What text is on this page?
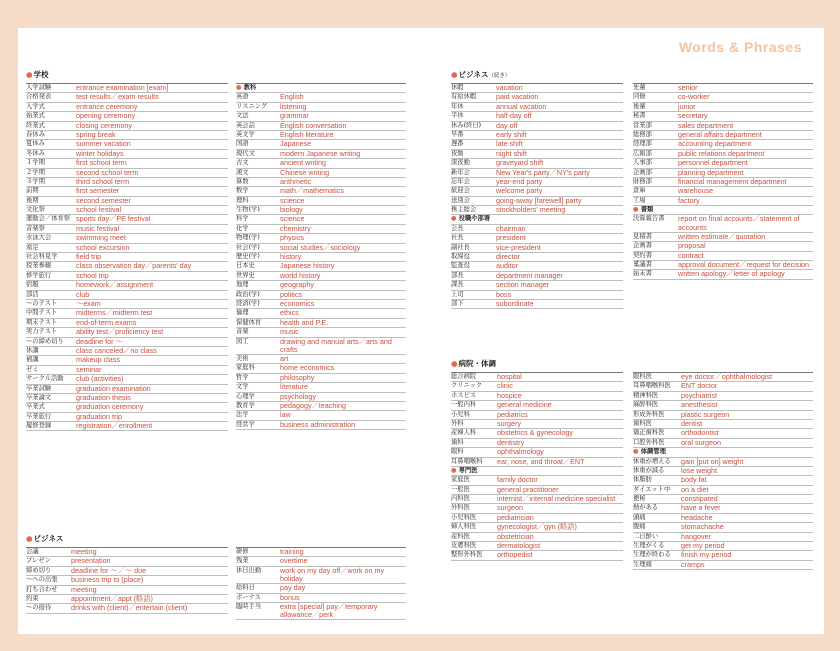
Words & Phrases
●学校
入学試験	entrance examination [exam]
合格発表	test results／exam results
入学式	entrance ceremony
始業式	opening ceremony
終業式	closing ceremony
春休み	spring break
夏休み	summer vacation
冬休み	winter holidays
１学期	first school term
２学期	second school term
３学期	third school term
前期	first semester
後期	second semester
文化祭	school festival
運動会／体育祭 sports day／PE festival
音楽祭	music festival
水泳大会	swimming meet
遠足	school excursion
社会科見学	field trip
授業参観	class observation day／parents' day
修学旅行	school trip
宿題	homework／assignment
部活	club
〜のテスト	〜exam
中間テスト	midterms／midterm test
期末テスト	end-of-term exams
実力テスト	ability test／proficiency test
〜の締め切り	deadline for 〜
休講	class canceled／no class
補講	makeup class
ゼミ	seminar
サークル活動	club (activities)
卒業試験	graduation examination
卒業論文	graduation thesis
卒業式	graduation ceremony
卒業旅行	graduation trip
履修登録	registration／enrollment
● 教科
英語	English
リスニング	listening
文法	grammar
英会話	English conversation
英文学	English literature
国語	Japanese
現代文	modern Japanese writing
古文	ancient writing
漢文	Chinese writing
算数	arithmetic
数学	math／mathematics
理科	science
生物(学)	biology
科学	science
化学	chemistry
物理(学)	physics
社会(学)	social studies／sociology
歴史(学)	history
日本史	Japanese history
世界史	world history
地理	geography
政治(学)	politics
経済(学)	economics
倫理	ethics
保健体育	health and P.E.
音楽	music
図工	drawing and manual arts／arts and crafts
美術	art
家庭科	home economics
哲学	philosophy
文学	literature
心理学	psychology
教育学	pedagogy／teaching
法学	law
経営学	business administration
●ビジネス
会議	meeting
プレゼン	presentation
締め切り	deadline for 〜／〜 due
〜への出張	business trip to (place)
打ち合わせ	meeting
約束	appointment／appt (略語)
〜の接待	drinks with (client)／entertain (client)
研修	training
残業	overtime
休日出勤	work on my day off／work on my holiday
給料日	pay day
ボーナス	bonus
臨時手当	extra [special] pay／temporary allowance／perk
●ビジネス（続き）
休暇	vacation
有給休暇	paid vacation
年休	annual vacation
半休	half-day off
休み(終日)	day off
早番	early shift
遅番	late shift
夜勤	night shift
深夜勤	graveyard shift
新年会	New Year's party／NY's party
忘年会	year-end party
歓迎会	welcome party
送別会	going-away [farewell] party
株主総会	stockholders' meeting
● 役職や部署
会長	chairman
社長	president
副社長	vice-president
取締役	director
監査役	auditor
部長	department manager
課長	section manager
上司	boss
部下	subordinate
先輩	senior
同僚	co-worker
後輩	junior
秘書	secretary
営業部	sales department
総務部	general affairs department
経理部	accounting department
広報部	public relations department
人事部	personnel department
企画部	planning department
財務部	financial management department
倉庫	warehouse
工場	factory
● 書類
決算報告書	report on final accounts／statement of accounts
見積書	written estimate／quotation
企画書	proposal
契約書	contract
稟議書	approval document／request for decision
始末書	written apology／letter of apology
●病院・体調
総合病院	hospital
クリニック	clinic
ホスピス	hospice
一般内科	general medicine
小児科	pediatrics
外科	surgery
産婦人科	obstetrics & gynecology
歯科	dentistry
眼科	ophthalmology
耳鼻咽喉科	ear, nose, and throat／ENT
● 専門医
家庭医	family doctor
一般医	general practitioner
内科医	internist／internal medicine specialist
外科医	surgeon
小児科医	pediatrician
婦人科医	gynecologist／gyn (略語)
産科医	obstetrician
皮膚科医	dermatologist
整形外科医	orthopedist
眼科医	eye doctor／ophthalmologist
耳鼻咽喉科医	ENT doctor
精神科医	psychiatrist
麻酔科医	anesthesist
形成外科医	plastic surgeon
歯科医	dentist
矯正歯科医	orthodontist
口腔外科医	oral surgeon
● 体調管理
体重が増える	gain [put on] weight
体重が減る	lose weight
体脂肪	body fat
ダイエット中	on a diet
便秘	constipated
熱がある	have a fever
頭痛	headache
腹痛	stomachache
二日酔い	hangover
生理がくる	get my period
生理が終わる	finish my period
生理痛	cramps
